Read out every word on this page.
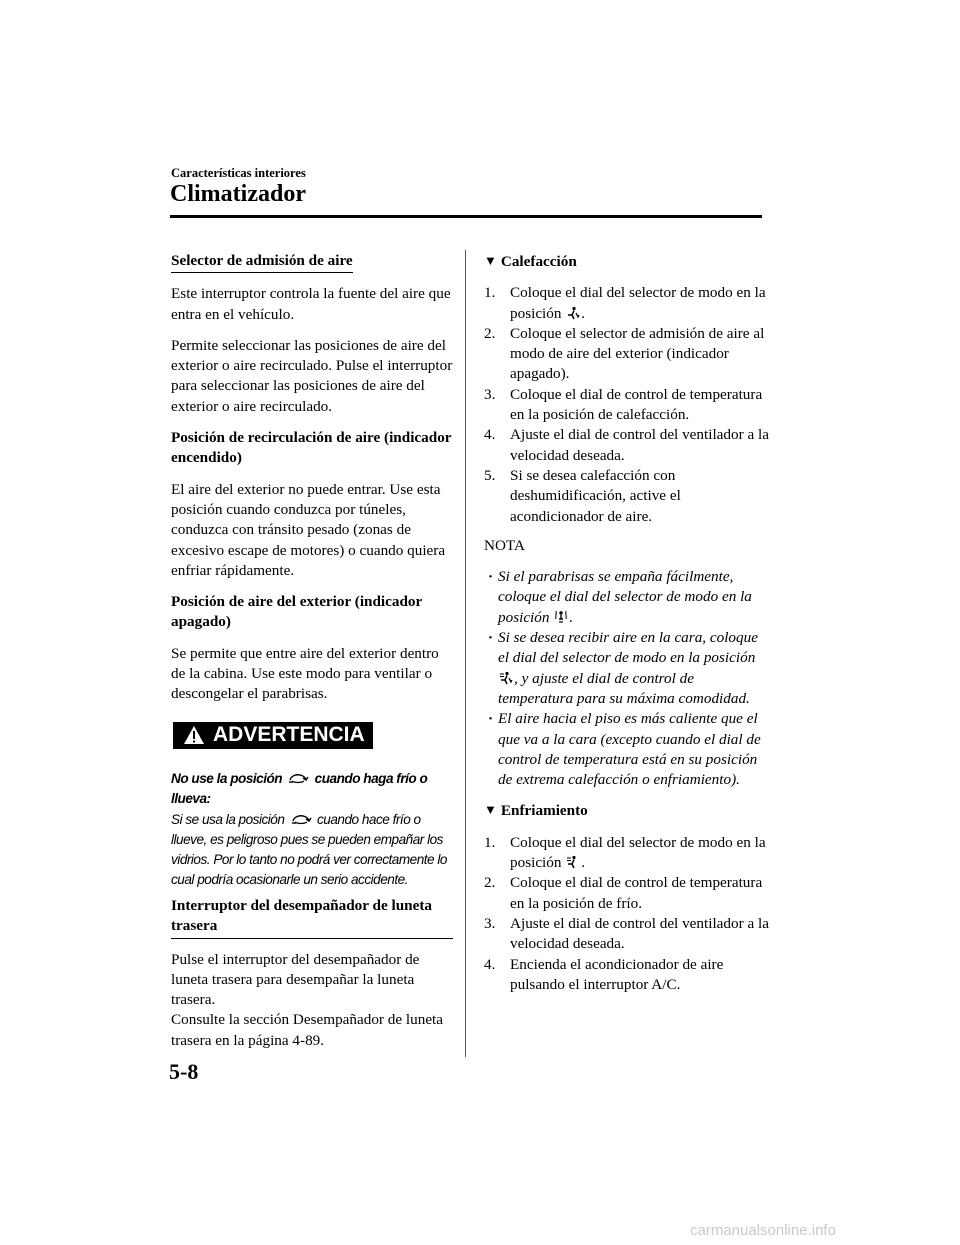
Características interiores
Climatizador

Selector de admisión de aire

Este interruptor controla la fuente del aire que entra en el vehículo.

Permite seleccionar las posiciones de aire del exterior o aire recirculado. Pulse el interruptor para seleccionar las posiciones de aire del exterior o aire recirculado.

Posición de recirculación de aire (indicador encendido)

El aire del exterior no puede entrar. Use esta posición cuando conduzca por túneles, conduzca con tránsito pesado (zonas de excesivo escape de motores) o cuando quiera enfriar rápidamente.

Posición de aire del exterior (indicador apagado)

Se permite que entre aire del exterior dentro de la cabina. Use este modo para ventilar o descongelar el parabrisas.

ADVERTENCIA
No use la posición cuando haga frío o llueva:
Si se usa la posición cuando hace frío o llueve, es peligroso pues se pueden empañar los vidrios. Por lo tanto no podrá ver correctamente lo cual podría ocasionarle un serio accidente.

Interruptor del desempañador de luneta trasera

Pulse el interruptor del desempañador de luneta trasera para desempañar la luneta trasera.

Consulte la sección Desempañador de luneta trasera en la página 4-89.

▼ Calefacción

1. Coloque el dial del selector de modo en la posición .
2. Coloque el selector de admisión de aire al modo de aire del exterior (indicador apagado).
3. Coloque el dial de control de temperatura en la posición de calefacción.
4. Ajuste el dial de control del ventilador a la velocidad deseada.
5. Si se desea calefacción con deshumidificación, active el acondicionador de aire.

NOTA

· Si el parabrisas se empaña fácilmente, coloque el dial del selector de modo en la posición .
· Si se desea recibir aire en la cara, coloque el dial del selector de modo en la posición
, y ajuste el dial de control de temperatura para su máxima comodidad.
· El aire hacia el piso es más caliente que el que va a la cara (excepto cuando el dial de control de temperatura está en su posición de extrema calefacción o enfriamiento).

▼ Enfriamiento

1. Coloque el dial del selector de modo en la posición .
2. Coloque el dial de control de temperatura en la posición de frío.
3. Ajuste el dial de control del ventilador a la velocidad deseada.
4. Encienda el acondicionador de aire pulsando el interruptor A/C.
5-8
carmanualsonline.info
